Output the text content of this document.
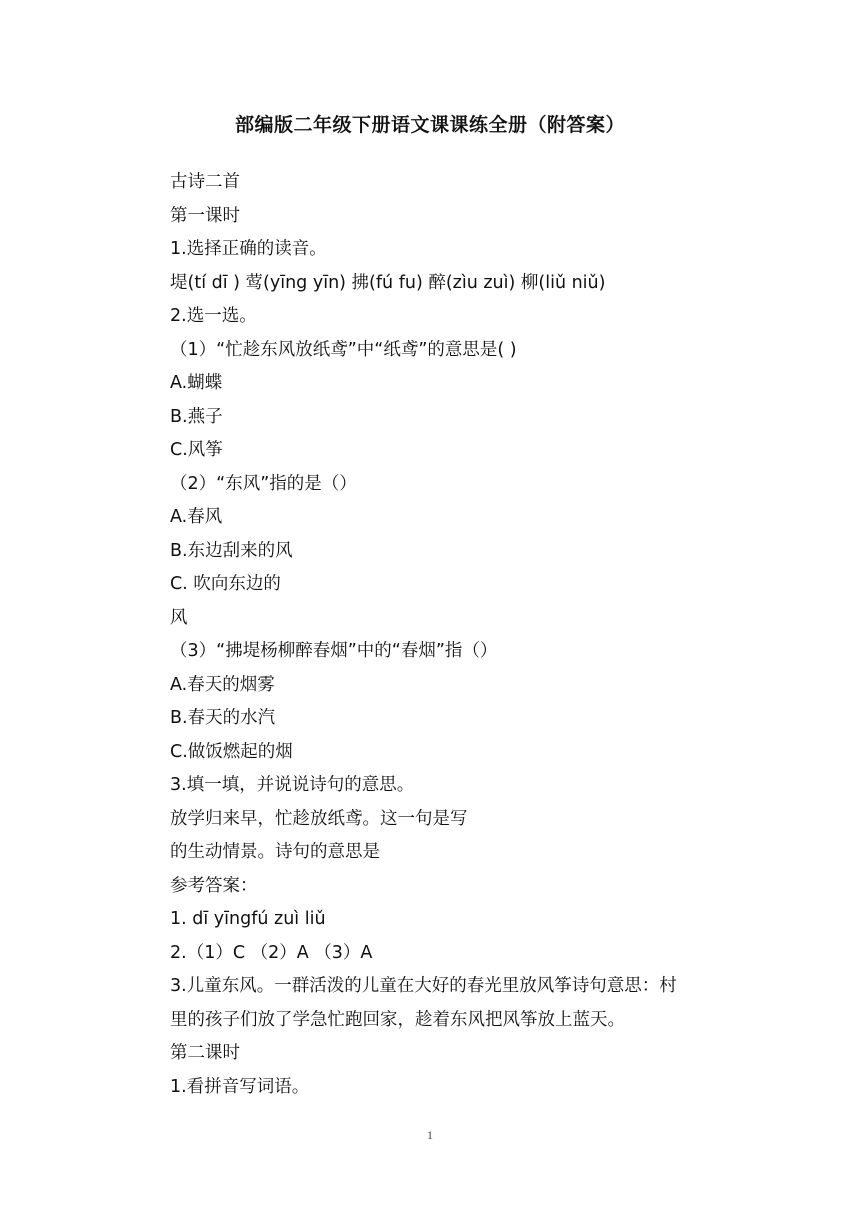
部编版二年级下册语文课课练全册（附答案）
古诗二首
第一课时
1.选择正确的读音。
堤(tí dī ) 莺(yīng yīn) 拂(fú fu) 醉(zìu zuì) 柳(liǔ niǔ)
2.选一选。
（1）“忙趁东风放纸鸢”中“纸鸢”的意思是( )
A.蝴蝶
B.燕子
C.风筝
（2）“东风”指的是（）
A.春风
B.东边刮来的风
C. 吹向东边的
风
（3）“拂堤杨柳醉春烟”中的“春烟”指（）
A.春天的烟雾
B.春天的水汽
C.做饭燃起的烟
3.填一填，并说说诗句的意思。
放学归来早，忙趁放纸鸢。这一句是写
的生动情景。诗句的意思是
参考答案：
1. dī yīngfú zuì liǔ
2.（1）C （2）A （3）A
3.儿童东风。一群活泼的儿童在大好的春光里放风筝诗句意思：村
里的孩子们放了学急忙跑回家，趁着东风把风筝放上蓝天。
第二课时
1.看拼音写词语。
1
